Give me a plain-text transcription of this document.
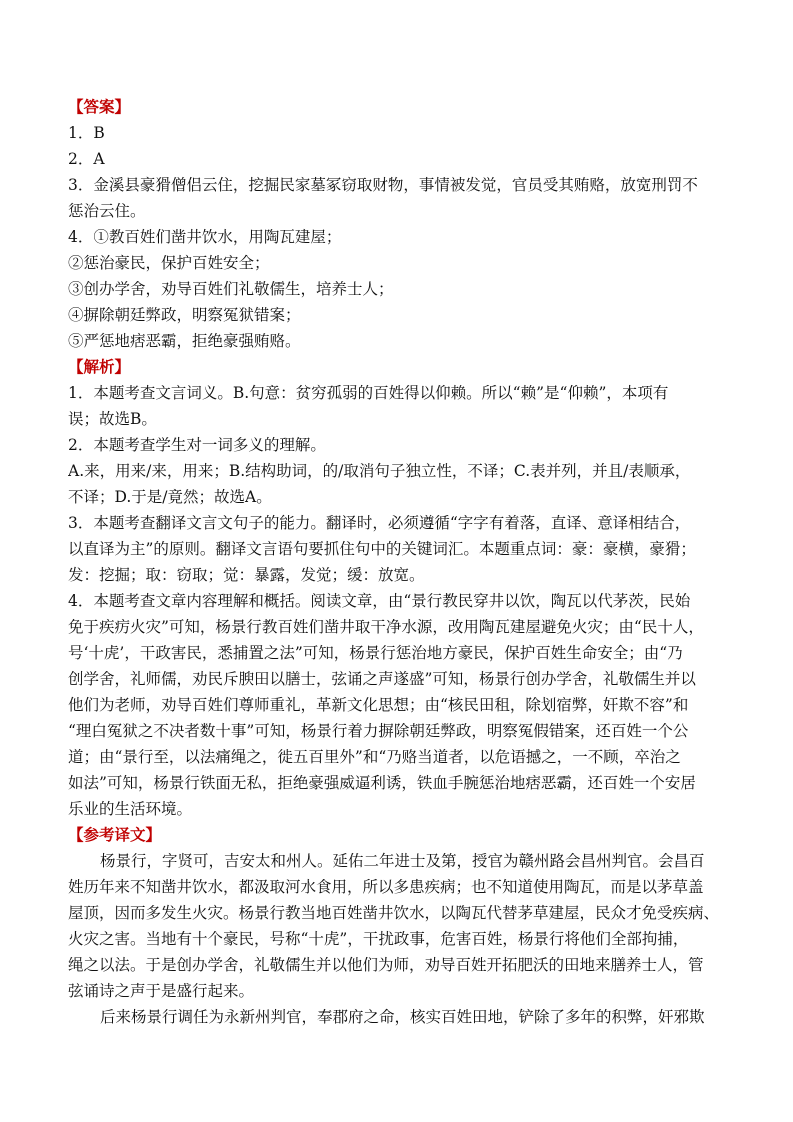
【答案】
1．B
2．A
3．金溪县豪猾僧侣云住，挖掘民家墓冢窃取财物，事情被发觉，官员受其贿赂，放宽刑罚不
惩治云住。
4．①教百姓们凿井饮水，用陶瓦建屋；
②惩治豪民，保护百姓安全；
③创办学舍，劝导百姓们礼敬儒生，培养士人；
④摒除朝廷弊政，明察冤狱错案；
⑤严惩地痞恶霸，拒绝豪强贿赂。
【解析】
1．本题考查文言词义。B.句意：贫穷孤弱的百姓得以仰赖。所以“赖”是“仰赖”，本项有
误；故选B。
2．本题考查学生对一词多义的理解。
A.来，用来/来，用来；B.结构助词，的/取消句子独立性，不译；C.表并列，并且/表顺承，
不译；D.于是/竟然；故选A。
3．本题考查翻译文言文句子的能力。翻译时，必须遵循“字字有着落，直译、意译相结合，
以直译为主”的原则。翻译文言语句要抓住句中的关键词汇。本题重点词：豪：豪横，豪猾；
发：挖掘；取：窃取；觉：暴露，发觉；缓：放宽。
4．本题考查文章内容理解和概括。阅读文章，由“景行教民穿井以饮，陶瓦以代茅茨，民始
免于疾疠火灾”可知，杨景行教百姓们凿井取干净水源，改用陶瓦建屋避免火灾；由“民十人，
号‘十虎’，干政害民，悉捕置之法”可知，杨景行惩治地方豪民，保护百姓生命安全；由“乃
创学舍，礼师儒，劝民斥腴田以膳士，弦诵之声遂盛”可知，杨景行创办学舍，礼敬儒生并以
他们为老师，劝导百姓们尊师重礼，革新文化思想；由“核民田租，除划宿弊，奸欺不容”和
“理白冤狱之不决者数十事”可知，杨景行着力摒除朝廷弊政，明察冤假错案，还百姓一个公
道；由“景行至，以法痛绳之，徙五百里外”和“乃赂当道者，以危语撼之，一不顾，卒治之
如法”可知，杨景行铁面无私，拒绝豪强威逼利诱，铁血手腕惩治地痞恶霸，还百姓一个安居
乐业的生活环境。
【参考译文】
杨景行，字贤可，吉安太和州人。延佑二年进士及第，授官为赣州路会昌州判官。会昌百
姓历年来不知凿井饮水，都汲取河水食用，所以多患疾病；也不知道使用陶瓦，而是以茅草盖
屋顶，因而多发生火灾。杨景行教当地百姓凿井饮水，以陶瓦代替茅草建屋，民众才免受疾病、
火灾之害。当地有十个豪民，号称“十虎”，干扰政事，危害百姓，杨景行将他们全部拘捕，
绳之以法。于是创办学舍，礼敬儒生并以他们为师，劝导百姓开拓肥沃的田地来膳养士人，管
弦诵诗之声于是盛行起来。
后来杨景行调任为永新州判官，奉郡府之命，核实百姓田地，铲除了多年的积弊，奸邪欺
